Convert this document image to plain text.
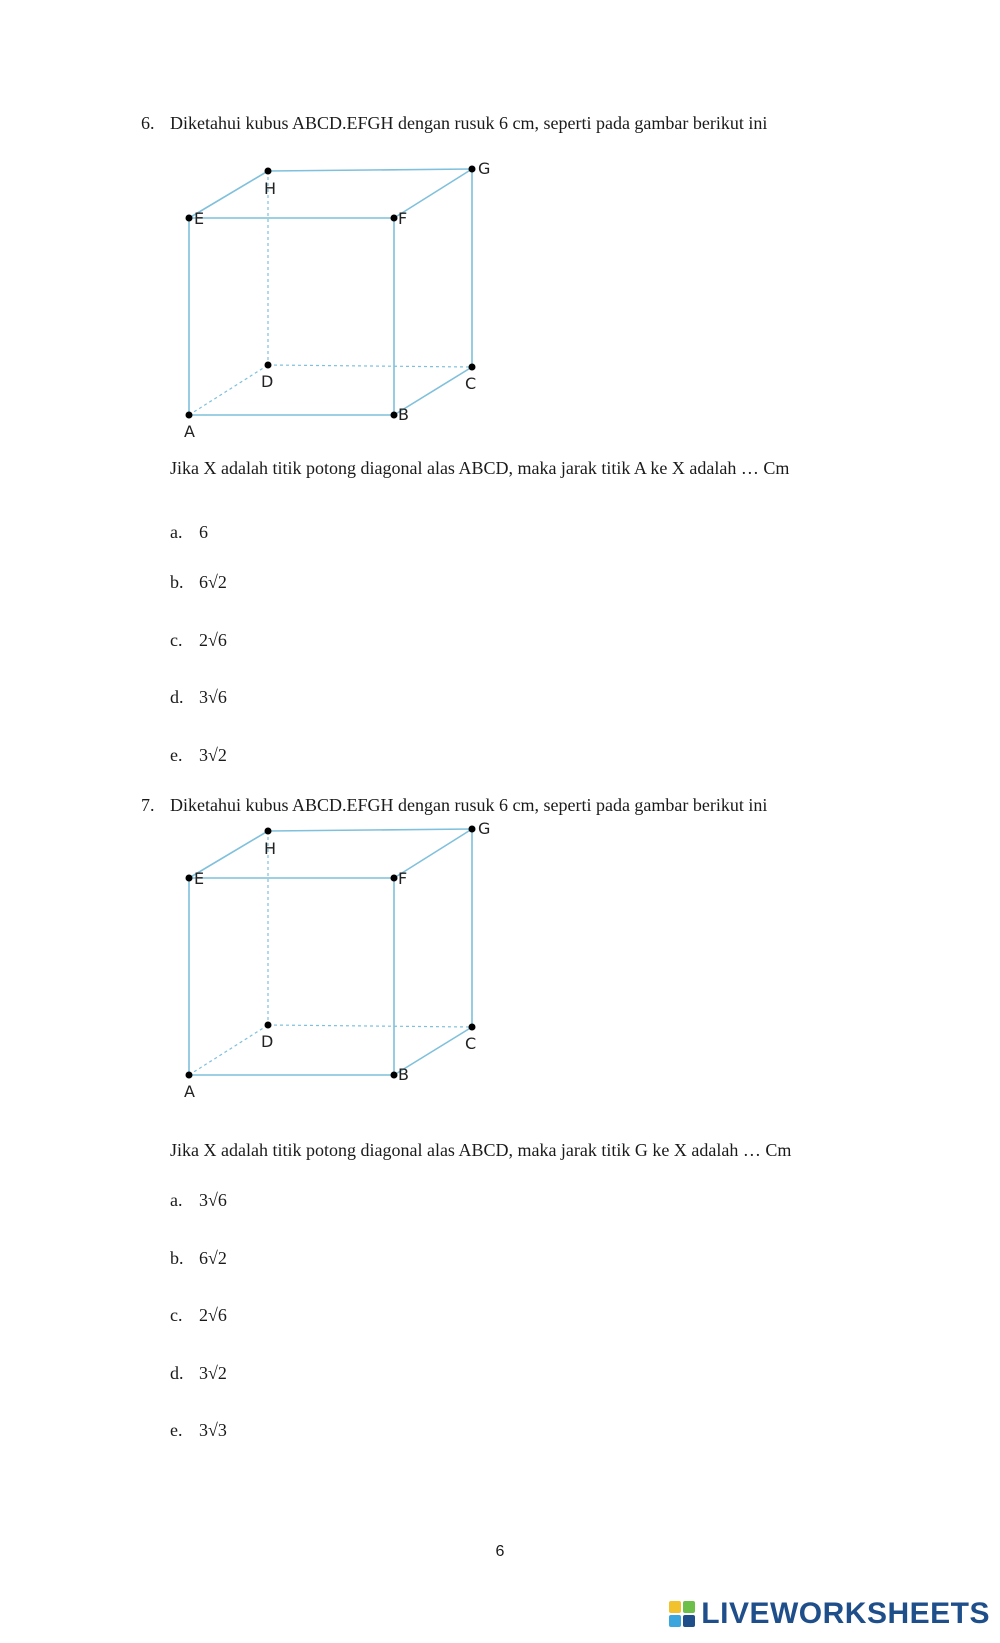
6. Diketahui kubus ABCD.EFGH dengan rusuk 6 cm, seperti pada gambar berikut ini
H
G
E	F
D	C
A
B
Jika X adalah titik potong diagonal alas ABCD, maka jarak titik A ke X adalah … Cm
a. 6
b. 6√2
c. 2√6
d. 3√6
e. 3√2
7. Diketahui kubus ABCD.EFGH dengan rusuk 6 cm, seperti pada gambar berikut ini
H
G
E	F
D	C
A
B
Jika X adalah titik potong diagonal alas ABCD, maka jarak titik G ke X adalah … Cm
a. 3√6
b. 6√2
c. 2√6
d. 3√2
e. 3√3
6
LIVEWORKSHEETS
